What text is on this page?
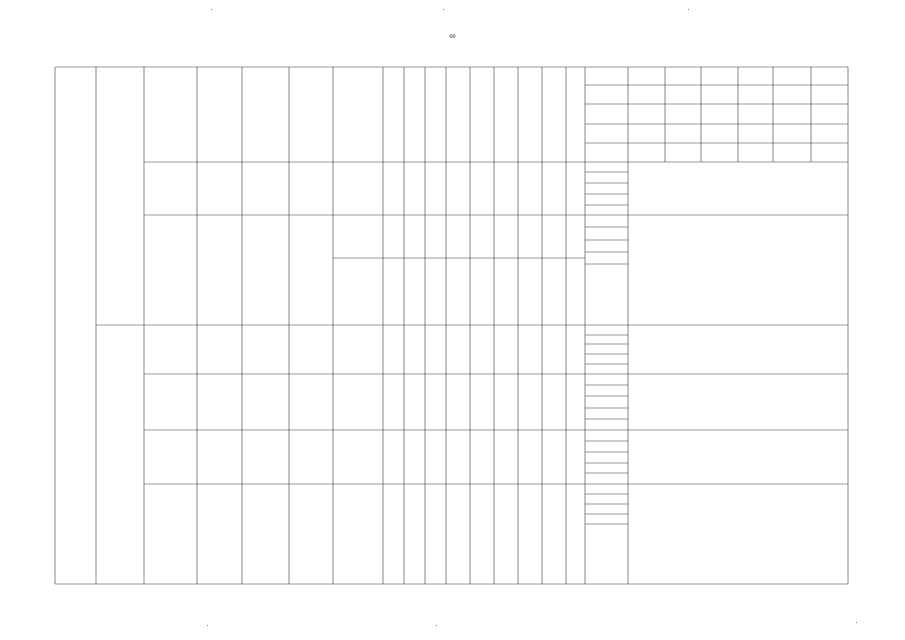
60
